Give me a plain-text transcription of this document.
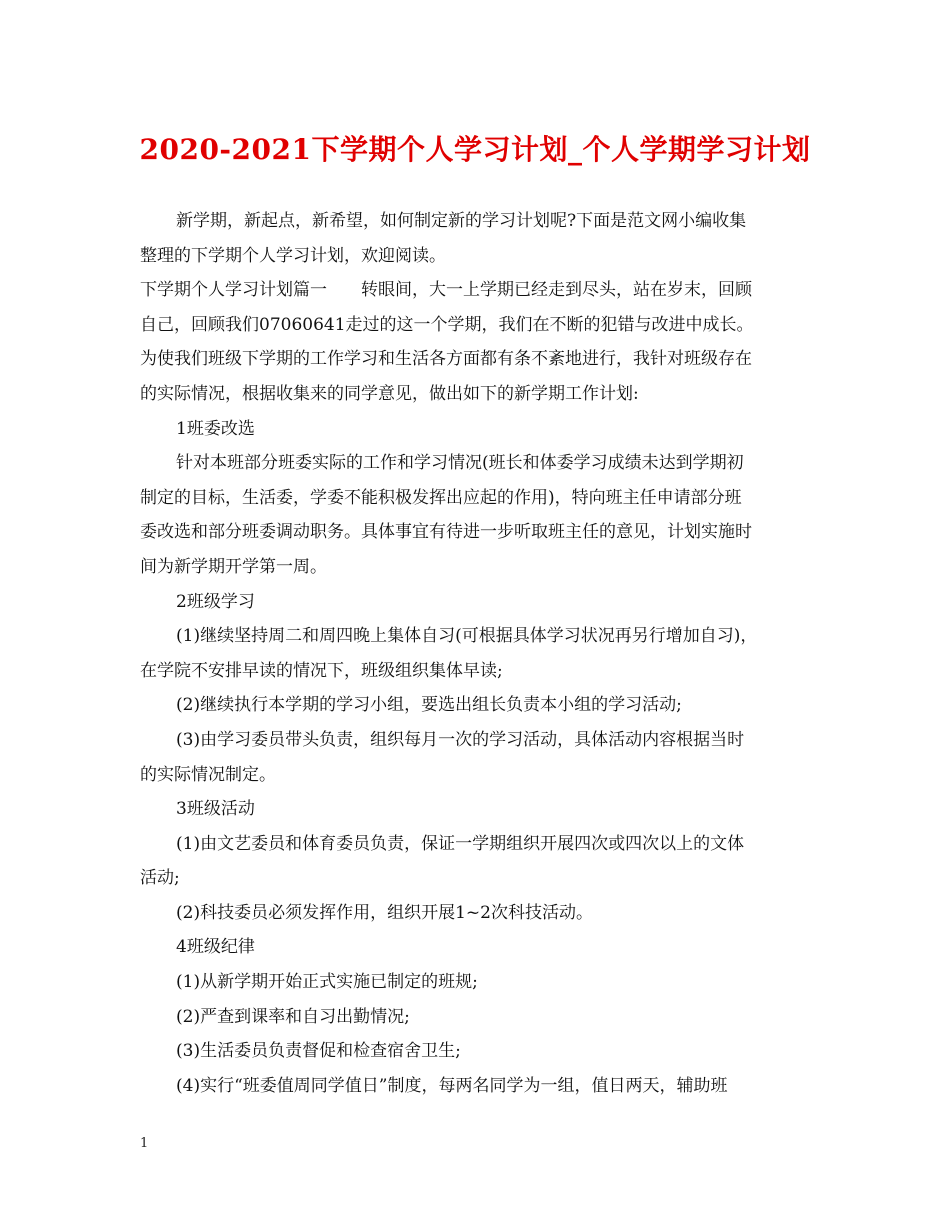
2020-2021下学期个人学习计划_个人学期学习计划

新学期，新起点，新希望，如何制定新的学习计划呢?下面是范文网小编收集

整理的下学期个人学习计划，欢迎阅读。

下学期个人学习计划篇一 转眼间，大一上学期已经走到尽头，站在岁末，回顾

自己，回顾我们07060641走过的这一个学期，我们在不断的犯错与改进中成长。

为使我们班级下学期的工作学习和生活各方面都有条不紊地进行，我针对班级存在

的实际情况，根据收集来的同学意见，做出如下的新学期工作计划:

1班委改选

针对本班部分班委实际的工作和学习情况(班长和体委学习成绩未达到学期初

制定的目标，生活委，学委不能积极发挥出应起的作用)，特向班主任申请部分班

委改选和部分班委调动职务。具体事宜有待进一步听取班主任的意见，计划实施时

间为新学期开学第一周。

2班级学习

(1)继续坚持周二和周四晚上集体自习(可根据具体学习状况再另行增加自习)，

在学院不安排早读的情况下，班级组织集体早读;

(2)继续执行本学期的学习小组，要选出组长负责本小组的学习活动;

(3)由学习委员带头负责，组织每月一次的学习活动，具体活动内容根据当时

的实际情况制定。

3班级活动

(1)由文艺委员和体育委员负责，保证一学期组织开展四次或四次以上的文体

活动;

(2)科技委员必须发挥作用，组织开展1~2次科技活动。

4班级纪律

(1)从新学期开始正式实施已制定的班规;

(2)严查到课率和自习出勤情况;

(3)生活委员负责督促和检查宿舍卫生;

(4)实行“班委值周同学值日”制度，每两名同学为一组，值日两天，辅助班

1
